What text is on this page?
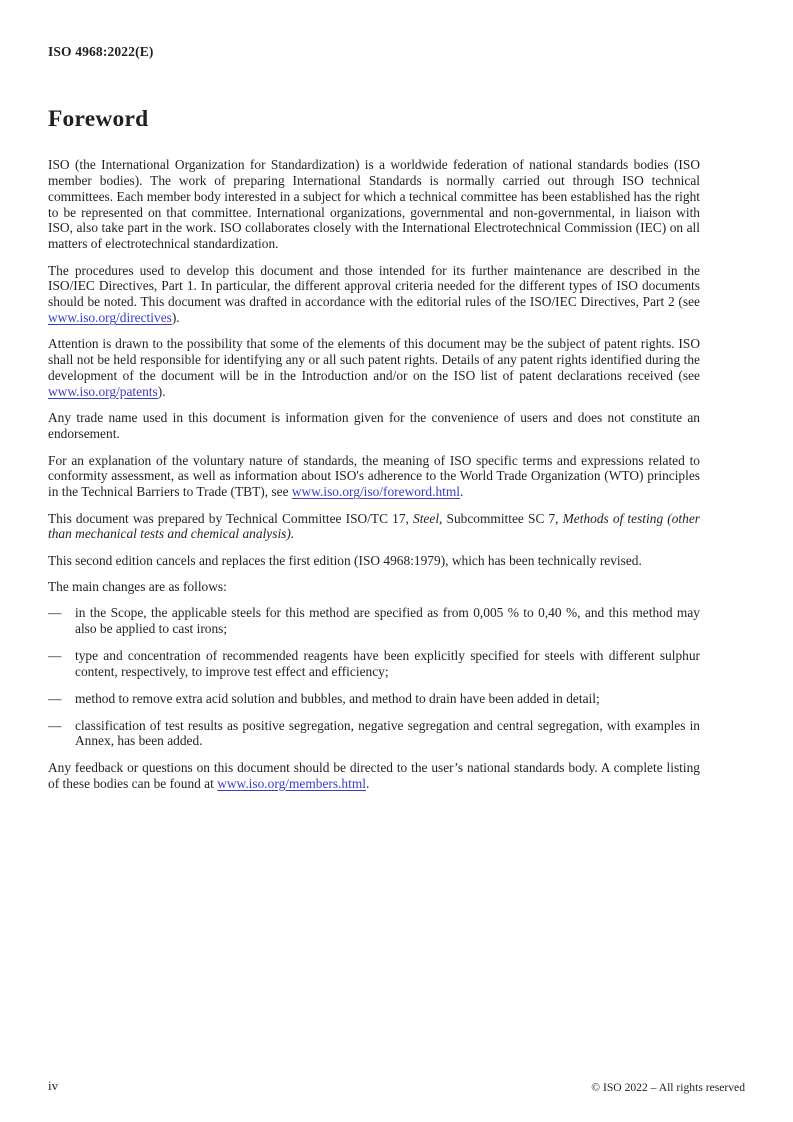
ISO 4968:2022(E)
Foreword

ISO (the International Organization for Standardization) is a worldwide federation of national standards bodies (ISO member bodies). The work of preparing International Standards is normally carried out through ISO technical committees. Each member body interested in a subject for which a technical committee has been established has the right to be represented on that committee. International organizations, governmental and non-governmental, in liaison with ISO, also take part in the work. ISO collaborates closely with the International Electrotechnical Commission (IEC) on all matters of electrotechnical standardization.

The procedures used to develop this document and those intended for its further maintenance are described in the ISO/IEC Directives, Part 1. In particular, the different approval criteria needed for the different types of ISO documents should be noted. This document was drafted in accordance with the editorial rules of the ISO/IEC Directives, Part 2 (see www.iso.org/directives).

Attention is drawn to the possibility that some of the elements of this document may be the subject of patent rights. ISO shall not be held responsible for identifying any or all such patent rights. Details of any patent rights identified during the development of the document will be in the Introduction and/or on the ISO list of patent declarations received (see www.iso.org/patents).

Any trade name used in this document is information given for the convenience of users and does not constitute an endorsement.

For an explanation of the voluntary nature of standards, the meaning of ISO specific terms and expressions related to conformity assessment, as well as information about ISO's adherence to the World Trade Organization (WTO) principles in the Technical Barriers to Trade (TBT), see www.iso.org/iso/foreword.html.

This document was prepared by Technical Committee ISO/TC 17, Steel, Subcommittee SC 7, Methods of testing (other than mechanical tests and chemical analysis).

This second edition cancels and replaces the first edition (ISO 4968:1979), which has been technically revised.

The main changes are as follows:

—	in the Scope, the applicable steels for this method are specified as from 0,005 % to 0,40 %, and this method may also be applied to cast irons;
—	type and concentration of recommended reagents have been explicitly specified for steels with different sulphur content, respectively, to improve test effect and efficiency;
—	method to remove extra acid solution and bubbles, and method to drain have been added in detail;
—	classification of test results as positive segregation, negative segregation and central segregation, with examples in Annex, has been added.

Any feedback or questions on this document should be directed to the user’s national standards body. A complete listing of these bodies can be found at www.iso.org/members.html.

iv	© ISO 2022 – All rights reserved
